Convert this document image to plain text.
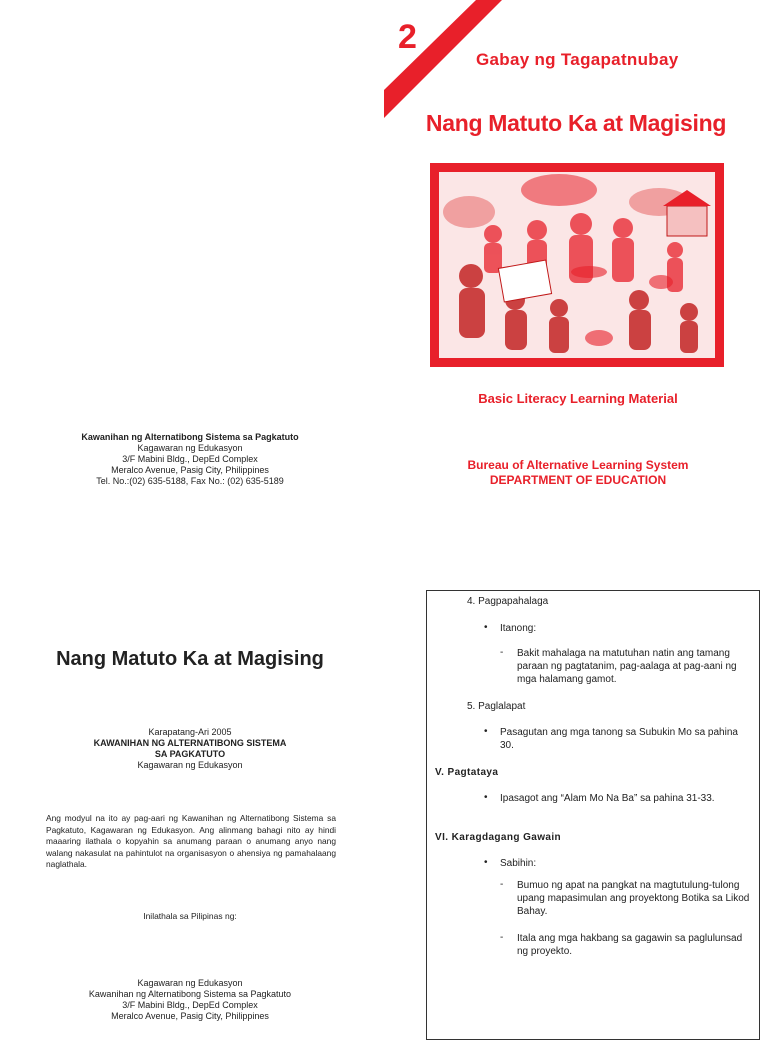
2
Gabay ng Tagapatnubay
Nang Matuto Ka at Magising
Basic Literacy Learning Material
Bureau of Alternative Learning System
DEPARTMENT OF EDUCATION
Kawanihan ng Alternatibong Sistema sa Pagkatuto
Kagawaran ng Edukasyon
3/F Mabini Bldg., DepEd Complex
Meralco Avenue, Pasig City, Philippines
Tel. No.:(02) 635-5188, Fax No.: (02) 635-5189
Nang Matuto Ka at Magising
Karapatang-Ari 2005
KAWANIHAN NG ALTERNATIBONG SISTEMA
SA PAGKATUTO
Kagawaran ng Edukasyon
Ang modyul na ito ay pag-aari ng Kawanihan ng Alternatibong Sistema sa Pagkatuto, Kagawaran ng Edukasyon. Ang alinmang bahagi nito ay hindi maaaring ilathala o kopyahin sa anumang paraan o anumang anyo nang walang nakasulat na pahintulot na organisasyon o ahensiya ng pamahalaang naglathala.
Inilathala sa Pilipinas ng:
Kagawaran ng Edukasyon
Kawanihan ng Alternatibong Sistema sa Pagkatuto
3/F Mabini Bldg., DepEd Complex
Meralco Avenue, Pasig City, Philippines
4. Pagpapahalaga
• Itanong:
- Bakit mahalaga na matutuhan natin ang tamang paraan ng pagtatanim, pag-aalaga at pag-aani ng mga halamang gamot.
5. Paglalapat
• Pasagutan ang mga tanong sa Subukin Mo sa pahina 30.
V. Pagtataya
• Ipasagot ang “Alam Mo Na Ba” sa pahina 31-33.
VI. Karagdagang Gawain
• Sabihin:
- Bumuo ng apat na pangkat na magtutulung-tulong upang mapasimulan ang proyektong Botika sa Likod Bahay.
- Itala ang mga hakbang sa gagawin sa paglulunsad ng proyekto.
